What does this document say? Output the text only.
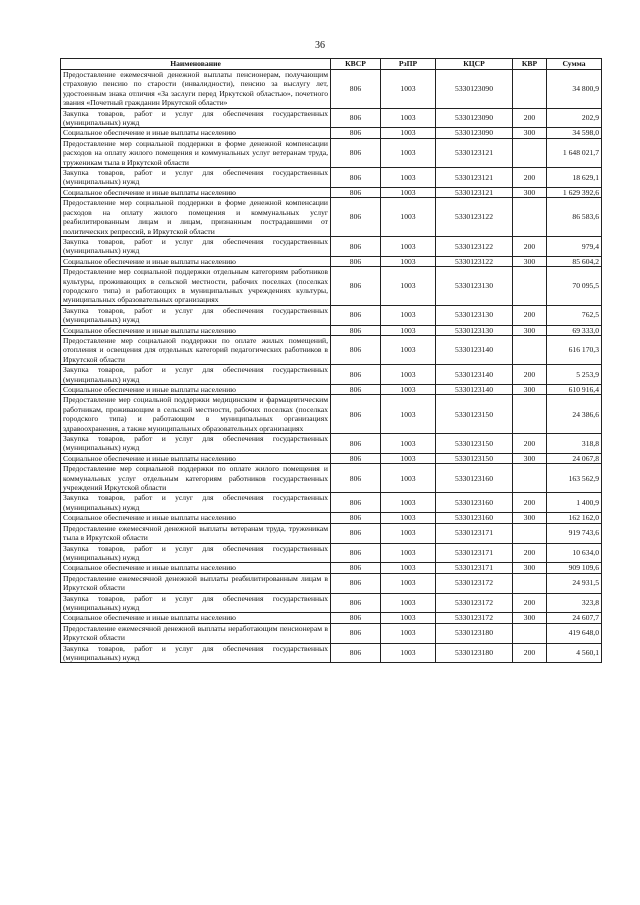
36
Наименование	КВСР	РзПР	КЦСР	КВР	Сумма
Предоставление ежемесячной денежной выплаты пенсионерам, получающим страховую пенсию по старости (инвалидности), пенсию за выслугу лет, удостоенным знака отличия «За заслуги перед Иркутской областью», почетного звания «Почетный гражданин Иркутской области»	806	1003	5330123090		34 800,9
Закупка товаров, работ и услуг для обеспечения государственных (муниципальных) нужд	806	1003	5330123090	200	202,9
Социальное обеспечение и иные выплаты населению	806	1003	5330123090	300	34 598,0
Предоставление мер социальной поддержки в форме денежной компенсации расходов на оплату жилого помещения и коммунальных услуг ветеранам труда, труженикам тыла в Иркутской области	806	1003	5330123121		1 648 021,7
Закупка товаров, работ и услуг для обеспечения государственных (муниципальных) нужд	806	1003	5330123121	200	18 629,1
Социальное обеспечение и иные выплаты населению	806	1003	5330123121	300	1 629 392,6
Предоставление мер социальной поддержки в форме денежной компенсации расходов на оплату жилого помещения и коммунальных услуг реабилитированным лицам и лицам, признанным пострадавшими от политических репрессий, в Иркутской области	806	1003	5330123122		86 583,6
Закупка товаров, работ и услуг для обеспечения государственных (муниципальных) нужд	806	1003	5330123122	200	979,4
Социальное обеспечение и иные выплаты населению	806	1003	5330123122	300	85 604,2
Предоставление мер социальной поддержки отдельным категориям работников культуры, проживающих в сельской местности, рабочих поселках (поселках городского типа) и работающих в муниципальных учреждениях культуры, муниципальных образовательных организациях	806	1003	5330123130		70 095,5
Закупка товаров, работ и услуг для обеспечения государственных (муниципальных) нужд	806	1003	5330123130	200	762,5
Социальное обеспечение и иные выплаты населению	806	1003	5330123130	300	69 333,0
Предоставление мер социальной поддержки по оплате жилых помещений, отопления и освещения для отдельных категорий педагогических работников в Иркутской области	806	1003	5330123140		616 170,3
Закупка товаров, работ и услуг для обеспечения государственных (муниципальных) нужд	806	1003	5330123140	200	5 253,9
Социальное обеспечение и иные выплаты населению	806	1003	5330123140	300	610 916,4
Предоставление мер социальной поддержки медицинским и фармацевтическим работникам, проживающим в сельской местности, рабочих поселках (поселках городского типа) и работающим в муниципальных организациях здравоохранения, а также муниципальных образовательных организациях	806	1003	5330123150		24 386,6
Закупка товаров, работ и услуг для обеспечения государственных (муниципальных) нужд	806	1003	5330123150	200	318,8
Социальное обеспечение и иные выплаты населению	806	1003	5330123150	300	24 067,8
Предоставление мер социальной поддержки по оплате жилого помещения и коммунальных услуг отдельным категориям работников государственных учреждений Иркутской области	806	1003	5330123160		163 562,9
Закупка товаров, работ и услуг для обеспечения государственных (муниципальных) нужд	806	1003	5330123160	200	1 400,9
Социальное обеспечение и иные выплаты населению	806	1003	5330123160	300	162 162,0
Предоставление ежемесячной денежной выплаты ветеранам труда, труженикам тыла в Иркутской области	806	1003	5330123171		919 743,6
Закупка товаров, работ и услуг для обеспечения государственных (муниципальных) нужд	806	1003	5330123171	200	10 634,0
Социальное обеспечение и иные выплаты населению	806	1003	5330123171	300	909 109,6
Предоставление ежемесячной денежной выплаты реабилитированным лицам в Иркутской области	806	1003	5330123172		24 931,5
Закупка товаров, работ и услуг для обеспечения государственных (муниципальных) нужд	806	1003	5330123172	200	323,8
Социальное обеспечение и иные выплаты населению	806	1003	5330123172	300	24 607,7
Предоставление ежемесячной денежной выплаты неработающим пенсионерам в Иркутской области	806	1003	5330123180		419 648,0
Закупка товаров, работ и услуг для обеспечения государственных (муниципальных) нужд	806	1003	5330123180	200	4 560,1
